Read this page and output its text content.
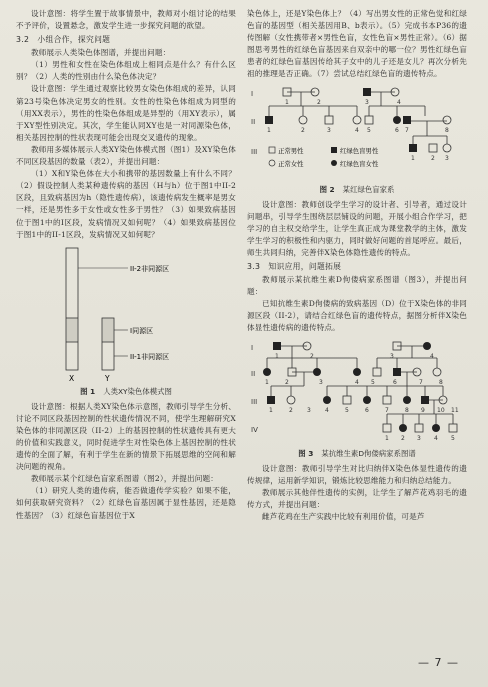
设计意图：将学生置于故事情景中，教师对小组讨论的结果不予评价，设置悬念，激发学生进一步探究问题的欲望。

3.2　小组合作，探究问题

教师展示人类染色体图谱，并提出问题：

（1）男性和女性在染色体组成上相同点是什么？有什么区别？（2）人类的性别由什么染色体决定？

设计意图：学生通过观察比较男女染色体组成的差异，认同第23号染色体决定男女的性别。女性的性染色体组成为同型的（用XX表示），男性的性染色体组成是异型的（用XY表示），属于XY型性别决定。其次，学生能认同XY也是一对同源染色体，相关基因控制的性状表现可能会出现交叉遗传的现象。

教师用多媒体展示人类XY染色体模式图（图1）及XY染色体不同区段基因的数量（表2），并提出问题：

（1）X和Y染色体在大小和携带的基因数量上有什么不同？（2）假设控制人类某种遗传病的基因（H与h）位于图1中II-2区段，且致病基因为h（隐性遗传病），该遗传病发生概率是男女一样，还是男性多于女性或女性多于男性？（3）如果致病基因位于图1中的I区段，发病情况又如何呢？（4）如果致病基因位于图1中的II-1区段，发病情况又如何呢？

II-2非同源区
I同源区
II-1非同源区
X	Y
图 1 人类XY染色体模式图

设计意图：根据人类XY染色体示意图，教师引导学生分析、讨论不同区段基因控制的性状遗传情况不同，使学生理解研究X染色体的非同源区段（II-2）上的基因控制的性状遗传具有更大的价值和实践意义，同时促进学生对性染色体上基因控制的性状遗传的全面了解，有利于学生在新的情景下拓展思维的空间和解决问题的视角。

教师展示某个红绿色盲家系图谱（图2），并提出问题：

（1）研究人类的遗传病，能否做遗传学实验？如果不能，如何获取研究资料？（2）红绿色盲基因属于显性基因，还是隐性基因？（3）红绿色盲基因位于X

染色体上，还是Y染色体上？（4）写出男女性的正常色觉和红绿色盲的基因型（相关基因用B、b表示）。（5）完成书本P36的遗传图解（女性携带者×男性色盲，女性色盲×男性正常）。（6）据图思考男性的红绿色盲基因来自双亲中的哪一位？男性红绿色盲患者的红绿色盲基因传给其子女中的儿子还是女儿？再次分析先祖的推理是否正确。（7）尝试总结红绿色盲的遗传特点。

I
II
III
1	2	3	4
1	2	3	4 5	6 7	8
1	2 3
正常男性	红绿色盲男性
正常女性	红绿色盲女性
图 2 某红绿色盲家系

设计意图：教师创设学生学习的设计者、引导者，通过设计问题串，引导学生围绕层层铺设的问题，开展小组合作学习，把学习的自主权交给学生，让学生真正成为课堂教学的主体，激发学生学习的积极性和内驱力，同时做好问题的首尾呼应。最后，师生共同归纳，完善伴X染色体隐性遗传的特点。

3.3　知识应用，问题拓展

教师展示某抗维生素D佝偻病家系图谱（图3），并提出问题：

已知抗维生素D佝偻病的致病基因（D）位于X染色体的非同源区段（II-2），请结合红绿色盲的遗传特点，据图分析伴X染色体显性遗传病的遗传特点。

I
II
III
IV
1	2	3	4
1	2	3	4 5	6	7	8
1	2 3 4	5	6	7	8 9 10 11
1 2 3 4 5
图 3 某抗维生素D佝偻病家系图谱

设计意图：教师引导学生对比归纳伴X染色体显性遗传的遗传规律，运用新学知识，锻炼比较思维能力和归纳总结能力。

教师展示其他伴性遗传的实例，让学生了解芦花鸡羽毛的遗传方式，并提出问题：

雌芦花鸡在生产实践中比较有利用价值，可是芦

— 7 —
